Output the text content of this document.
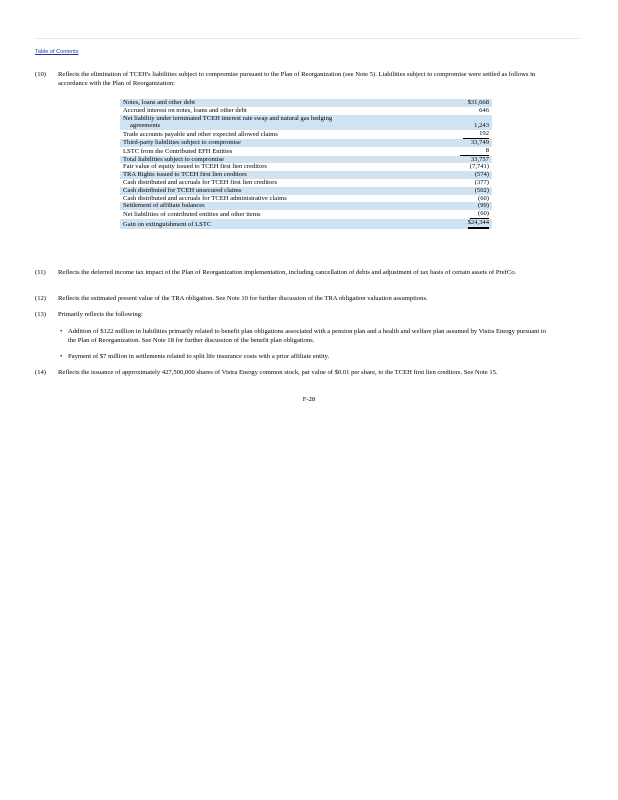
Table of Contents
(10) Reflects the elimination of TCEH's liabilities subject to compromise pursuant to the Plan of Reorganization (see Note 5). Liabilities subject to compromise were settled as follows in accordance with the Plan of Reorganization:
Notes, loans and other debt	$31,668
Accrued interest on notes, loans and other debt	646
Net liability under terminated TCEH interest rate swap and natural gas hedging	
agreements	1,243
Trade accounts payable and other expected allowed claims	192
Third-party liabilities subject to compromise	33,749
LSTC from the Contributed EFH Entities	8
Total liabilities subject to compromise	33,757
Fair value of equity issued to TCEH first lien creditors	(7,741)
TRA Rights issued to TCEH first lien creditors	(574)
Cash distributed and accruals for TCEH first lien creditors	(377)
Cash distributed for TCEH unsecured claims	(502)
Cash distributed and accruals for TCEH administrative claims	(60)
Settlement of affiliate balances	(99)
Net liabilities of contributed entities and other items	(60)
Gain on extinguishment of LSTC	$24,344
(11) Reflects the deferred income tax impact of the Plan of Reorganization implementation, including cancellation of debts and adjustment of tax basis of certain assets of PrefCo.
(12) Reflects the estimated present value of the TRA obligation. See Note 10 for further discussion of the TRA obligation valuation assumptions.
(13) Primarily reflects the following:
• Addition of $122 million in liabilities primarily related to benefit plan obligations associated with a pension plan and a health and welfare plan assumed by Vistra Energy pursuant to the Plan of Reorganization. See Note 18 for further discussion of the benefit plan obligations.
• Payment of $7 million in settlements related to split life insurance costs with a prior affiliate entity.
(14) Reflects the issuance of approximately 427,500,000 shares of Vistra Energy common stock, par value of $0.01 per share, to the TCEH first lien creditors. See Note 15.
F-28
